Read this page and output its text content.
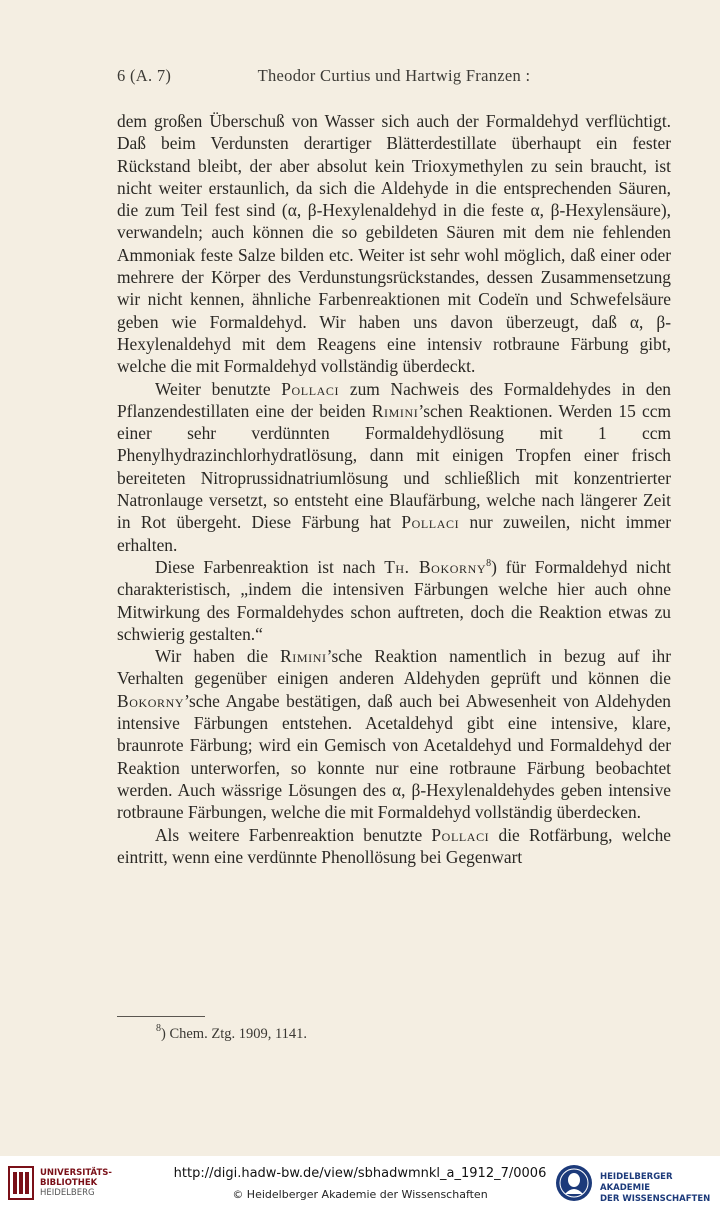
6 (A. 7)	Theodor Curtius und Hartwig Franzen :

dem großen Überschuß von Wasser sich auch der Formaldehyd verflüchtigt. Daß beim Verdunsten derartiger Blätterdestillate überhaupt ein fester Rückstand bleibt, der aber absolut kein Trioxymethylen zu sein braucht, ist nicht weiter erstaunlich, da sich die Aldehyde in die entsprechenden Säuren, die zum Teil fest sind (α, β-Hexylenaldehyd in die feste α, β-Hexylensäure), verwandeln; auch können die so gebildeten Säuren mit dem nie fehlenden Ammoniak feste Salze bilden etc. Weiter ist sehr wohl möglich, daß einer oder mehrere der Körper des Verdunstungsrückstandes, dessen Zusammensetzung wir nicht kennen, ähnliche Farbenreaktionen mit Codeïn und Schwefelsäure geben wie Formaldehyd. Wir haben uns davon überzeugt, daß α, β-Hexylenaldehyd mit dem Reagens eine intensiv rotbraune Färbung gibt, welche die mit Formaldehyd vollständig überdeckt.

Weiter benutzte Pollaci zum Nachweis des Formaldehydes in den Pflanzendestillaten eine der beiden Rimini’schen Reaktionen. Werden 15 ccm einer sehr verdünnten Formaldehydlösung mit 1 ccm Phenylhydrazinchlorhydratlösung, dann mit einigen Tropfen einer frisch bereiteten Nitroprussidnatriumlösung und schließlich mit konzentrierter Natronlauge versetzt, so entsteht eine Blaufärbung, welche nach längerer Zeit in Rot übergeht. Diese Färbung hat Pollaci nur zuweilen, nicht immer erhalten.

Diese Farbenreaktion ist nach Th. Bokorny$^8$) für Formaldehyd nicht charakteristisch, „indem die intensiven Färbungen welche hier auch ohne Mitwirkung des Formaldehydes schon auftreten, doch die Reaktion etwas zu schwierig gestalten.“

Wir haben die Rimini’sche Reaktion namentlich in bezug auf ihr Verhalten gegenüber einigen anderen Aldehyden geprüft und können die Bokorny’sche Angabe bestätigen, daß auch bei Abwesenheit von Aldehyden intensive Färbungen entstehen. Acetaldehyd gibt eine intensive, klare, braunrote Färbung; wird ein Gemisch von Acetaldehyd und Formaldehyd der Reaktion unterworfen, so konnte nur eine rotbraune Färbung beobachtet werden. Auch wässrige Lösungen des α, β-Hexylenaldehydes geben intensive rotbraune Färbungen, welche die mit Formaldehyd vollständig überdecken.

Als weitere Farbenreaktion benutzte Pollaci die Rotfärbung, welche eintritt, wenn eine verdünnte Phenollösung bei Gegenwart

$^8$) Chem. Ztg. 1909, 1141.
UNIVERSITÄTS-
BIBLIOTHEK
HEIDELBERG
http://digi.hadw-bw.de/view/sbhadwmnkl_a_1912_7/0006
© Heidelberger Akademie der Wissenschaften
HEIDELBERGER AKADEMIE
DER WISSENSCHAFTEN
